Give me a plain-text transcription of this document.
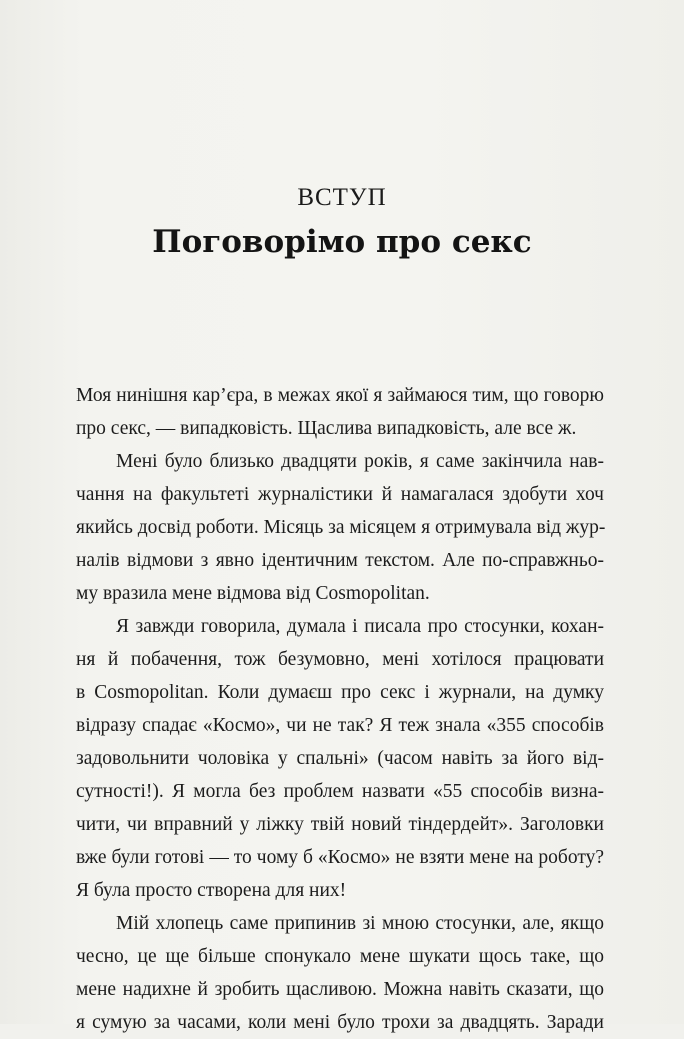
ВСТУП
Поговорімо про секс
Моя нинішня кар’єра, в межах якої я займаюся тим, що говорю
про секс, — випадковість. Щаслива випадковість, але все ж.
Мені було близько двадцяти років, я саме закінчила нав-
чання на факультеті журналістики й намагалася здобути хоч
якийсь досвід роботи. Місяць за місяцем я отримувала від жур-
налів відмови з явно ідентичним текстом. Але по-справжньо-
му вразила мене відмова від Cosmopolitan.
Я завжди говорила, думала і писала про стосунки, кохан-
ня й побачення, тож безумовно, мені хотілося працювати
в Cosmopolitan. Коли думаєш про секс і журнали, на думку
відразу спадає «Космо», чи не так? Я теж знала «355 способів
задовольнити чоловіка у спальні» (часом навіть за його від-
сутності!). Я могла без проблем назвати «55 способів визна-
чити, чи вправний у ліжку твій новий тіндердейт». Заголовки
вже були готові — то чому б «Космо» не взяти мене на роботу?
Я була просто створена для них!
Мій хлопець саме припинив зі мною стосунки, але, якщо
чесно, це ще більше спонукало мене шукати щось таке, що
мене надихне й зробить щасливою. Можна навіть сказати, що
я сумую за часами, коли мені було трохи за двадцять. Заради
